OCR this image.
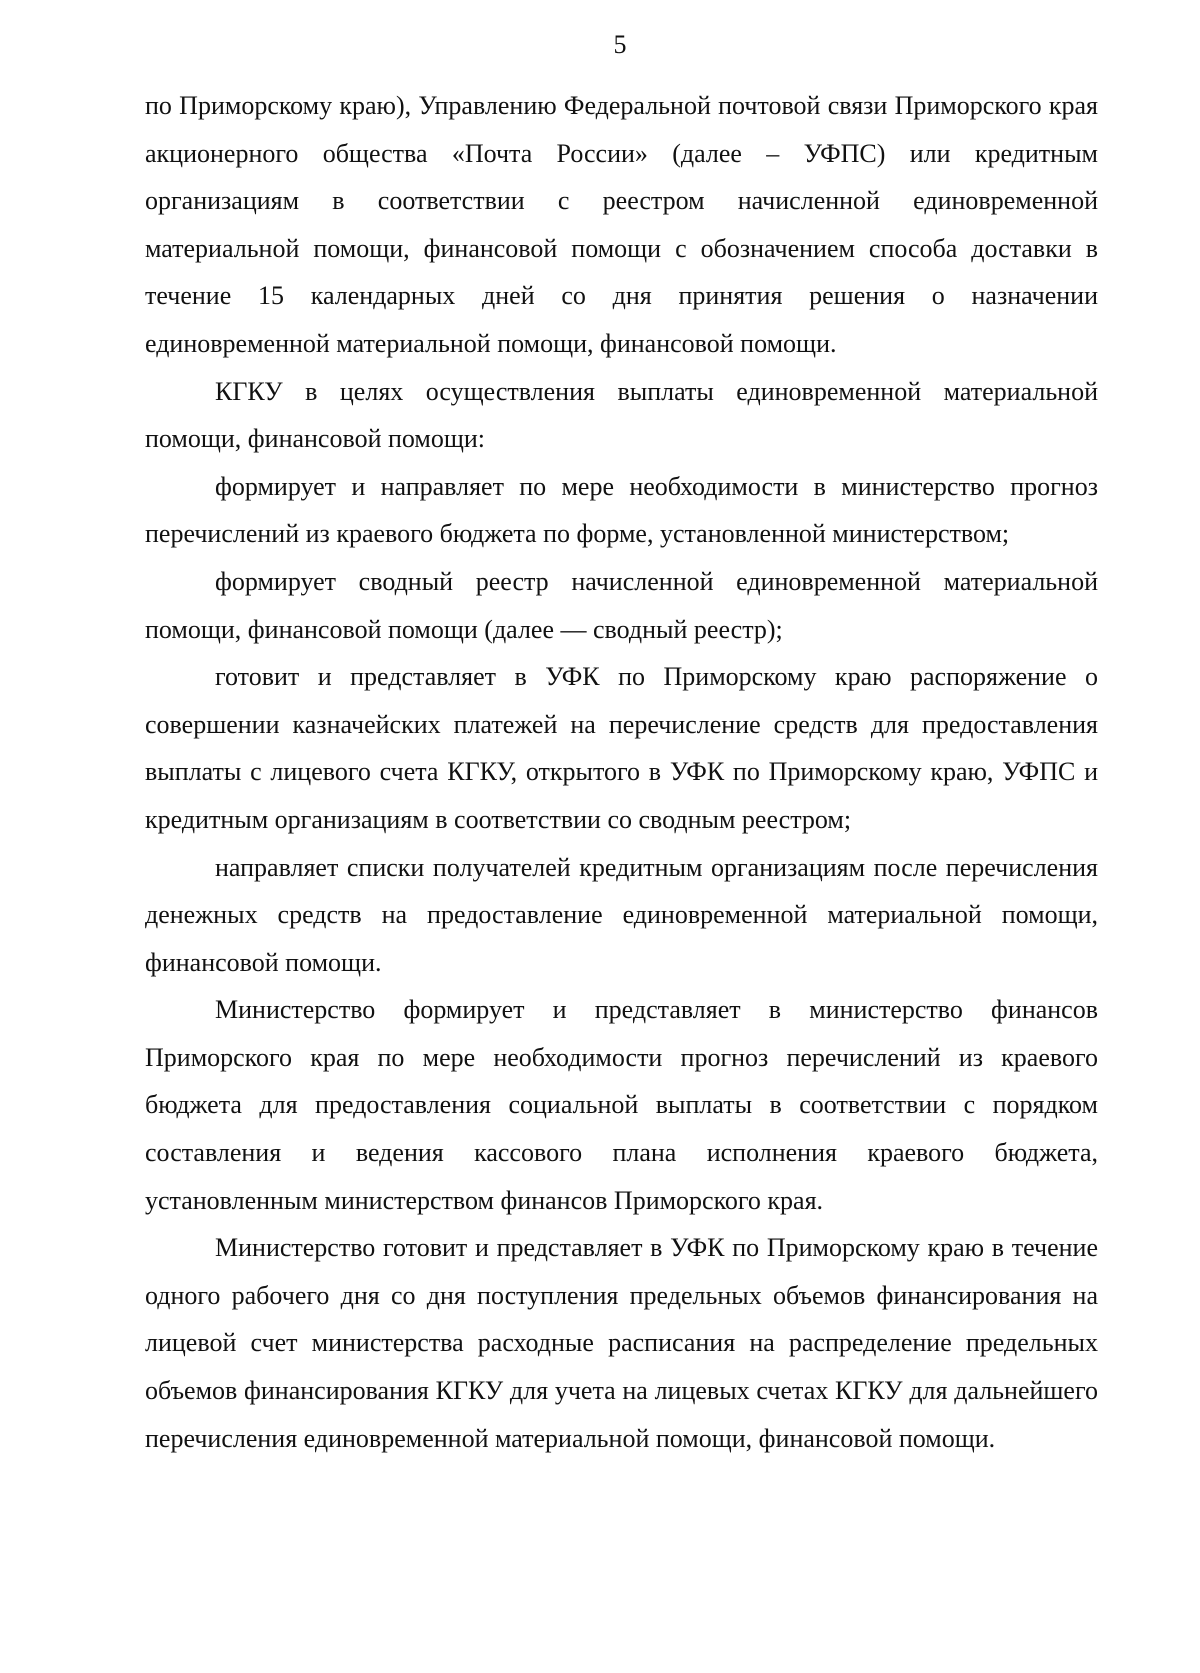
5

по Приморскому краю), Управлению Федеральной почтовой связи Приморского края акционерного общества «Почта России» (далее – УФПС) или кредитным организациям в соответствии с реестром начисленной единовременной материальной помощи, финансовой помощи с обозначением способа доставки в течение 15 календарных дней со дня принятия решения о назначении единовременной материальной помощи, финансовой помощи.

КГКУ в целях осуществления выплаты единовременной материальной помощи, финансовой помощи:

формирует и направляет по мере необходимости в министерство прогноз перечислений из краевого бюджета по форме, установленной министерством;

формирует сводный реестр начисленной единовременной материальной помощи, финансовой помощи (далее — сводный реестр);

готовит и представляет в УФК по Приморскому краю распоряжение о совершении казначейских платежей на перечисление средств для предоставления выплаты с лицевого счета КГКУ, открытого в УФК по Приморскому краю, УФПС и кредитным организациям в соответствии со сводным реестром;

направляет списки получателей кредитным организациям после перечисления денежных средств на предоставление единовременной материальной помощи, финансовой помощи.

Министерство формирует и представляет в министерство финансов Приморского края по мере необходимости прогноз перечислений из краевого бюджета для предоставления социальной выплаты в соответствии с порядком составления и ведения кассового плана исполнения краевого бюджета, установленным министерством финансов Приморского края.

Министерство готовит и представляет в УФК по Приморскому краю в течение одного рабочего дня со дня поступления предельных объемов финансирования на лицевой счет министерства расходные расписания на распределение предельных объемов финансирования КГКУ для учета на лицевых счетах КГКУ для дальнейшего перечисления единовременной материальной помощи, финансовой помощи.
